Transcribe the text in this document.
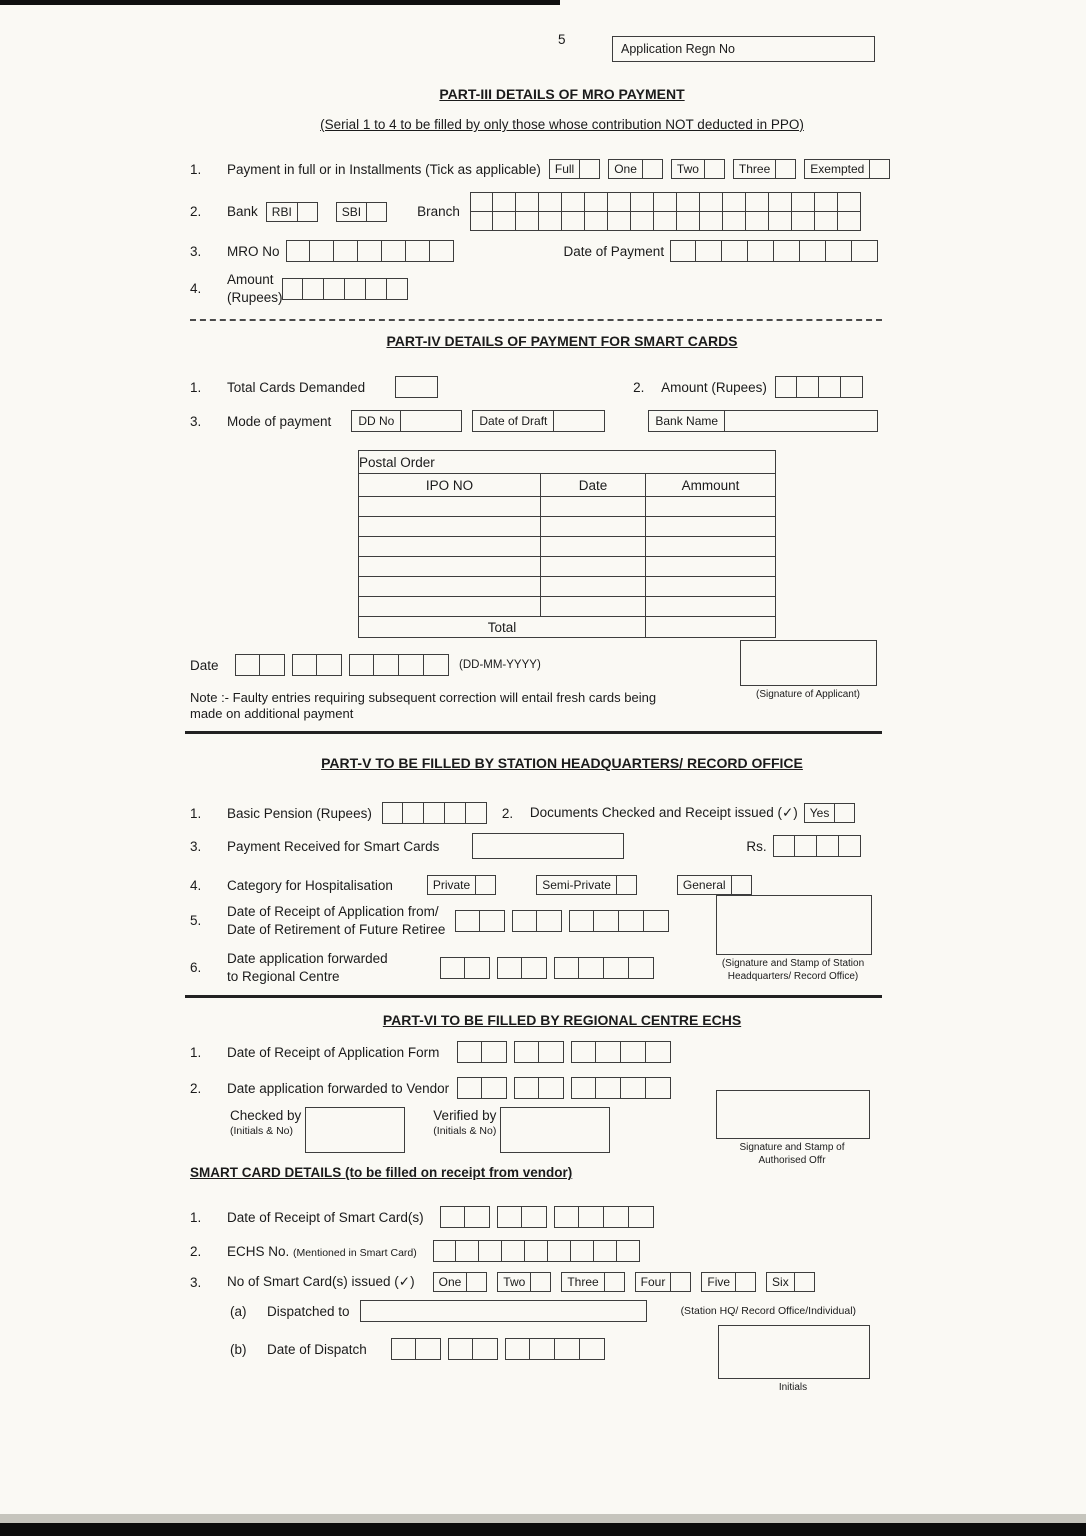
5
Application Regn No
PART-III DETAILS OF MRO PAYMENT
(Serial 1 to 4 to be filled by only those whose contribution NOT deducted in PPO)
1.	Payment in full or in Installments (Tick as applicable)	Full	One	Two	Three	Exempted
2.	Bank	RBI	SBI	Branch
3.	MRO No	Date of Payment
4.
Amount
(Rupees)
PART-IV DETAILS OF PAYMENT FOR SMART CARDS
1.	Total Cards Demanded	2.	Amount (Rupees)
3.	Mode of payment	DD No	Date of Draft	Bank Name
Postal Order		
IPO NO	Date	Ammount

Total		
Date	(DD-MM-YYYY)
Note :- Faulty entries requiring subsequent correction will entail fresh cards being
made on additional payment
PART-V TO BE FILLED BY STATION HEADQUARTERS/ RECORD OFFICE
1.	Basic Pension (Rupees)	2.	Documents Checked and Receipt issued (✓)	Yes
3.	Payment Received for Smart Cards	Rs.
4.	Category for Hospitalisation	Private	Semi-Private	General
5.
Date of Receipt of Application from/
Date of Retirement of Future Retiree
6.
Date application forwarded
to Regional Centre
PART-VI TO BE FILLED BY REGIONAL CENTRE ECHS
1.	Date of Receipt of Application Form
2.	Date application forwarded to Vendor
Checked by
(Initials & No)
Verified by
(Initials & No)
SMART CARD DETAILS (to be filled on receipt from vendor)
1.	Date of Receipt of Smart Card(s)
2.	ECHS No. (Mentioned in Smart Card)
3.	No of Smart Card(s) issued (✓)	One	Two	Three	Four	Five	Six
(a)	Dispatched to	(Station HQ/ Record Office/Individual)
(b)	Date of Dispatch
(Signature of Applicant)
(Signature and Stamp of Station
Headquarters/ Record Office)
Signature and Stamp of
Authorised Offr
Initials
